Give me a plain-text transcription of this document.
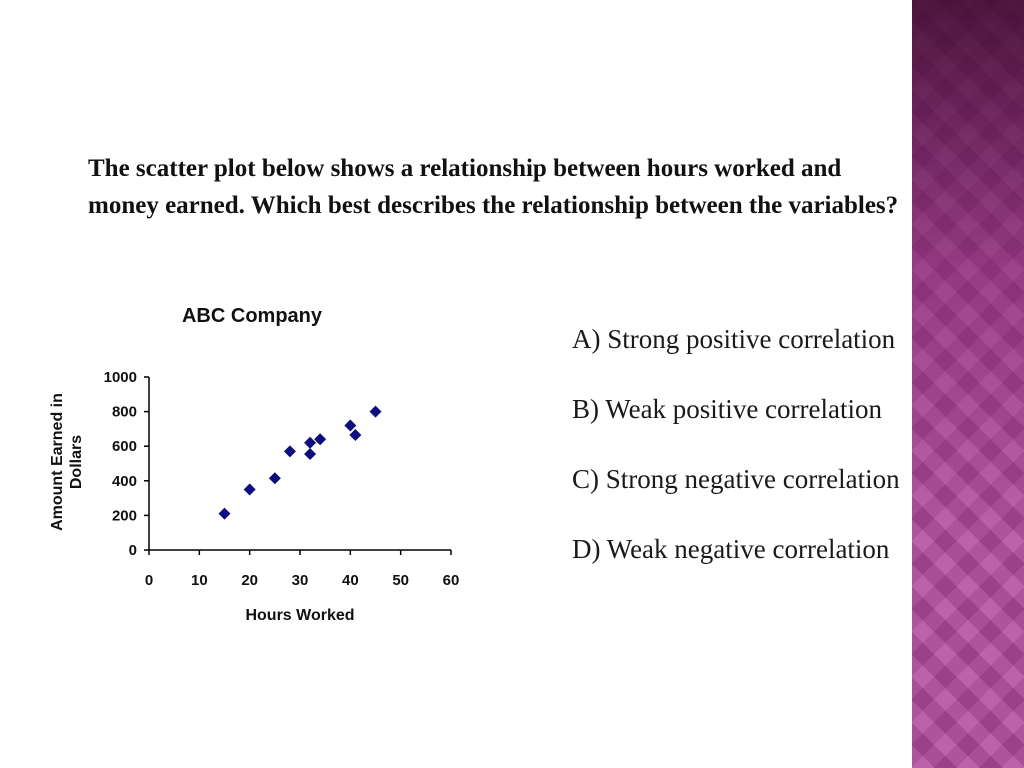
The scatter plot below shows a relationship between hours worked and money earned. Which best describes the relationship between the variables?

ABC Company
Amount Earned in Dollars
Hours Worked
0
200
400
600
800
1000
0	10 20 30 40 50 60
A) Strong positive correlation
B) Weak positive correlation
C) Strong negative correlation
D) Weak negative correlation
